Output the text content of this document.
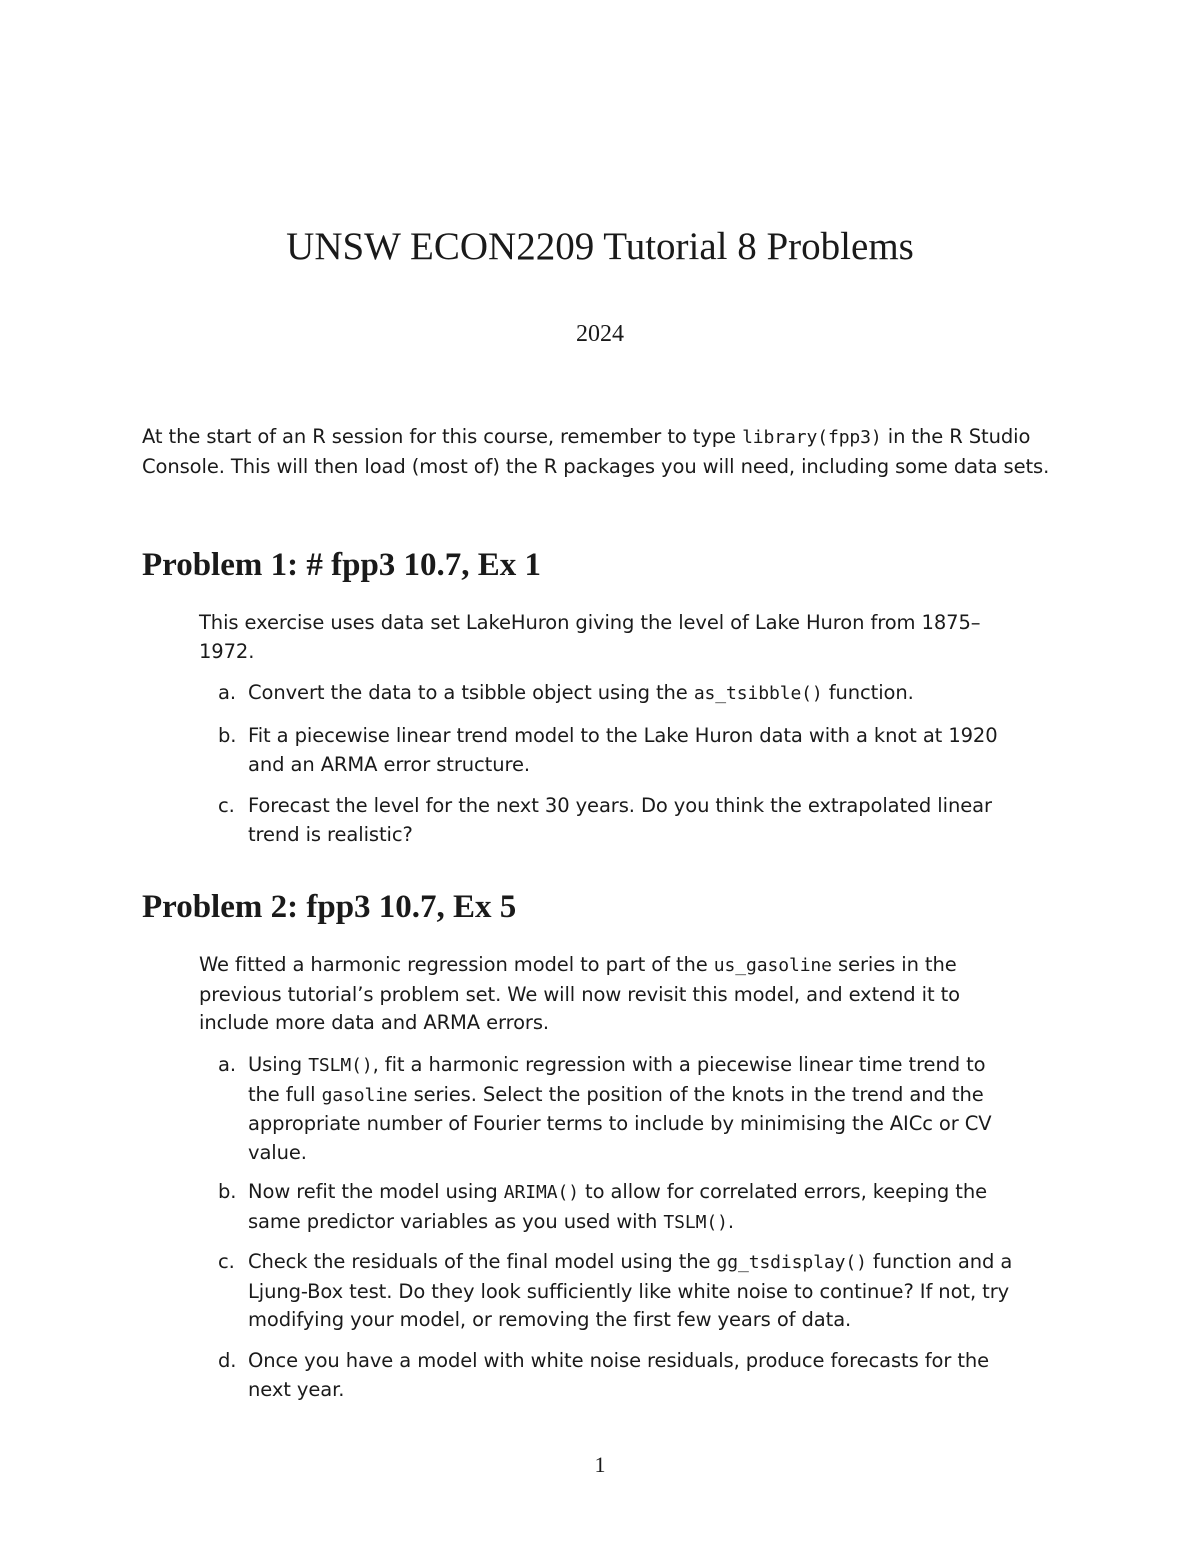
UNSW ECON2209 Tutorial 8 Problems
2024
At the start of an R session for this course, remember to type library(fpp3) in the R Studio Console. This will then load (most of) the R packages you will need, including some data sets.
Problem 1: # fpp3 10.7, Ex 1
This exercise uses data set LakeHuron giving the level of Lake Huron from 1875–1972.
a. Convert the data to a tsibble object using the as_tsibble() function.
b. Fit a piecewise linear trend model to the Lake Huron data with a knot at 1920 and an ARMA error structure.
c. Forecast the level for the next 30 years. Do you think the extrapolated linear trend is realistic?
Problem 2: fpp3 10.7, Ex 5
We fitted a harmonic regression model to part of the us_gasoline series in the previous tutorial’s problem set. We will now revisit this model, and extend it to include more data and ARMA errors.
a. Using TSLM(), fit a harmonic regression with a piecewise linear time trend to the full gasoline series. Select the position of the knots in the trend and the appropriate number of Fourier terms to include by minimising the AICc or CV value.
b. Now refit the model using ARIMA() to allow for correlated errors, keeping the same predictor variables as you used with TSLM().
c. Check the residuals of the final model using the gg_tsdisplay() function and a Ljung-Box test. Do they look sufficiently like white noise to continue? If not, try modifying your model, or removing the first few years of data.
d. Once you have a model with white noise residuals, produce forecasts for the next year.
1
